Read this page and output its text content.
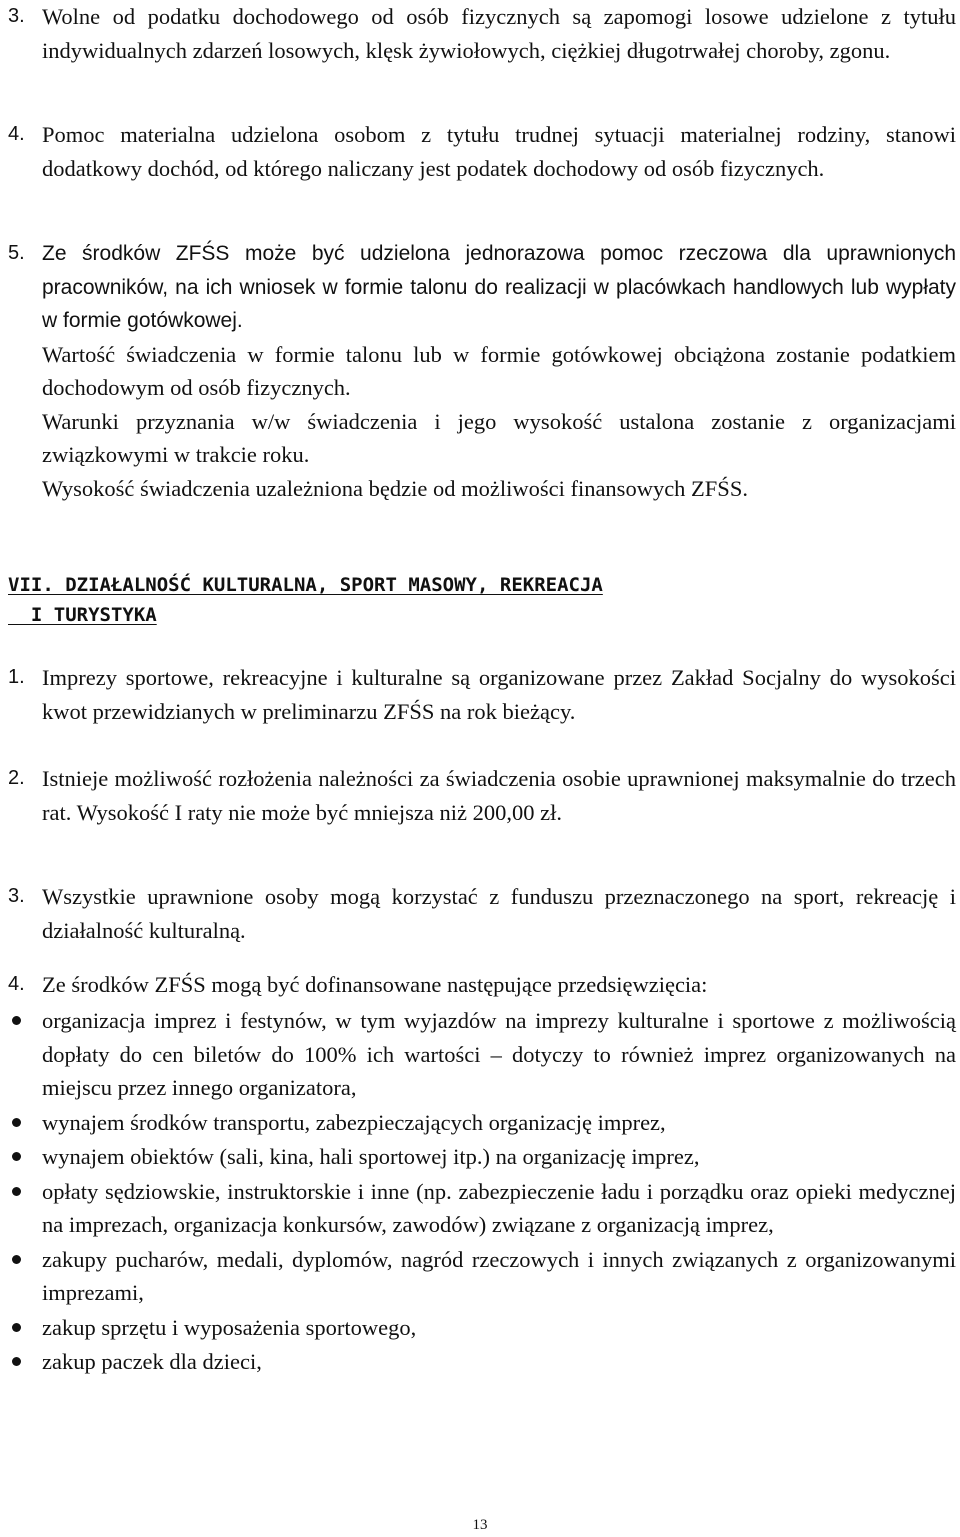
3. Wolne od podatku dochodowego od osób fizycznych są zapomogi losowe udzielone z tytułu indywidualnych zdarzeń losowych, klęsk żywiołowych, ciężkiej długotrwałej choroby, zgonu.

4. Pomoc materialna udzielona osobom z tytułu trudnej sytuacji materialnej rodziny, stanowi dodatkowy dochód, od którego naliczany jest podatek dochodowy od osób fizycznych.

5. Ze środków ZFŚS może być udzielona jednorazowa pomoc rzeczowa dla uprawnionych pracowników, na ich wniosek w formie talonu do realizacji w placówkach handlowych lub wypłaty w formie gotówkowej.

Wartość świadczenia w formie talonu lub w formie gotówkowej obciążona zostanie podatkiem dochodowym od osób fizycznych.

Warunki przyznania w/w świadczenia i jego wysokość ustalona zostanie z organizacjami związkowymi w trakcie roku.

Wysokość świadczenia uzależniona będzie od możliwości finansowych ZFŚS.

VII. DZIAŁALNOŚĆ KULTURALNA, SPORT MASOWY, REKREACJA
I TURYSTYKA
1. Imprezy sportowe, rekreacyjne i kulturalne są organizowane przez Zakład Socjalny do wysokości kwot przewidzianych w preliminarzu ZFŚS na rok bieżący.

2. Istnieje możliwość rozłożenia należności za świadczenia osobie uprawnionej maksymalnie do trzech rat. Wysokość I raty nie może być mniejsza niż 200,00 zł.

3. Wszystkie uprawnione osoby mogą korzystać z funduszu przeznaczonego na sport, rekreację i działalność kulturalną.

4. Ze środków ZFŚS mogą być dofinansowane następujące przedsięwzięcia:

organizacja imprez i festynów, w tym wyjazdów na imprezy kulturalne i sportowe z możliwością dopłaty do cen biletów do 100% ich wartości – dotyczy to również imprez organizowanych na miejscu przez innego organizatora,
wynajem środków transportu, zabezpieczających organizację imprez,
wynajem obiektów (sali, kina, hali sportowej itp.) na organizację imprez,
opłaty sędziowskie, instruktorskie i inne (np. zabezpieczenie ładu i porządku oraz opieki medycznej na imprezach, organizacja konkursów, zawodów) związane z organizacją imprez,
zakupy pucharów, medali, dyplomów, nagród rzeczowych i innych związanych z organizowanymi imprezami,
zakup sprzętu i wyposażenia sportowego,
zakup paczek dla dzieci,
13
